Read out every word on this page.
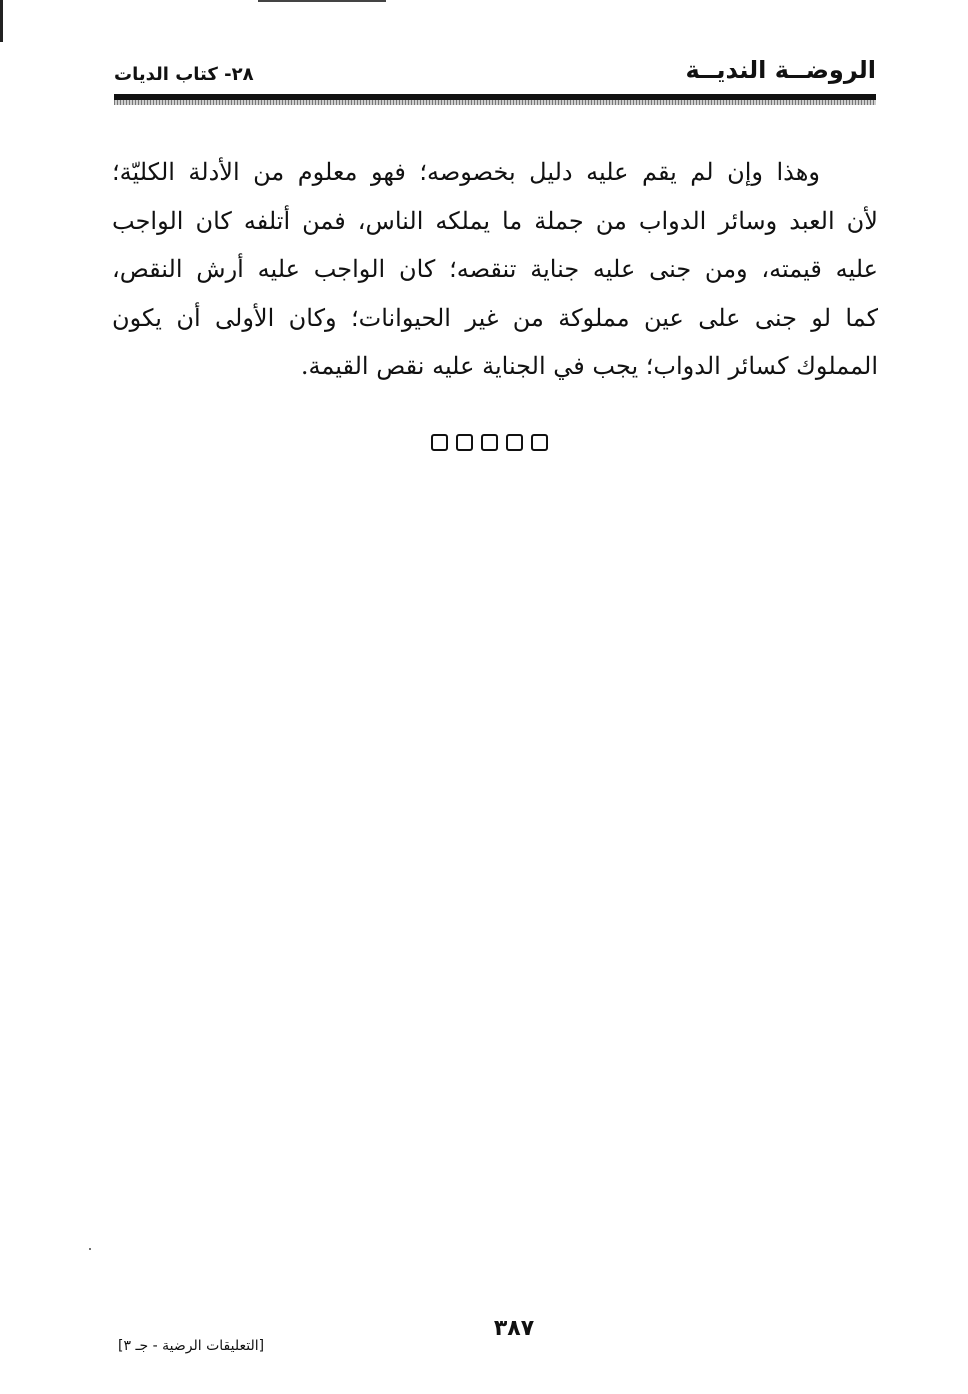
الروضــة النديــة
٢٨- كتاب الديات
وهذا وإن لم يقم عليه دليل بخصوصه؛ فهو معلوم من الأدلة الكليّة؛
لأن العبد وسائر الدواب من جملة ما يملكه الناس، فمن أتلفه كان الواجب
عليه قيمته، ومن جنى عليه جناية تنقصه؛ كان الواجب عليه أرش النقص،
كما لو جنى على عين مملوكة من غير الحيوانات؛ وكان الأولى أن يكون
المملوك كسائر الدواب؛ يجب في الجناية عليه نقص القيمة.
٣٨٧
[التعليقات الرضية - جـ ٣]
